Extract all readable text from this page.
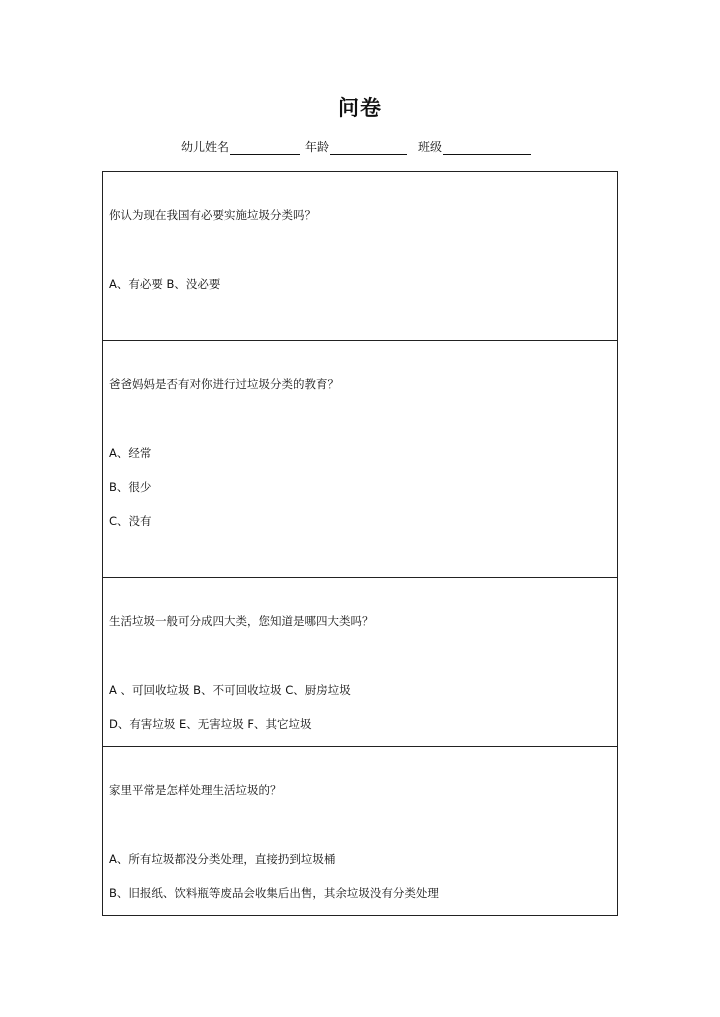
问卷
幼儿姓名	年龄	班级
你认为现在我国有必要实施垃圾分类吗？
A、有必要 B、没必要
爸爸妈妈是否有对你进行过垃圾分类的教育？
A、经常
B、很少
C、没有
生活垃圾一般可分成四大类，您知道是哪四大类吗？
A 、可回收垃圾 B、不可回收垃圾 C、厨房垃圾
D、有害垃圾 E、无害垃圾 F、其它垃圾
家里平常是怎样处理生活垃圾的？
A、所有垃圾都没分类处理，直接扔到垃圾桶
B、旧报纸、饮料瓶等废品会收集后出售，其余垃圾没有分类处理
